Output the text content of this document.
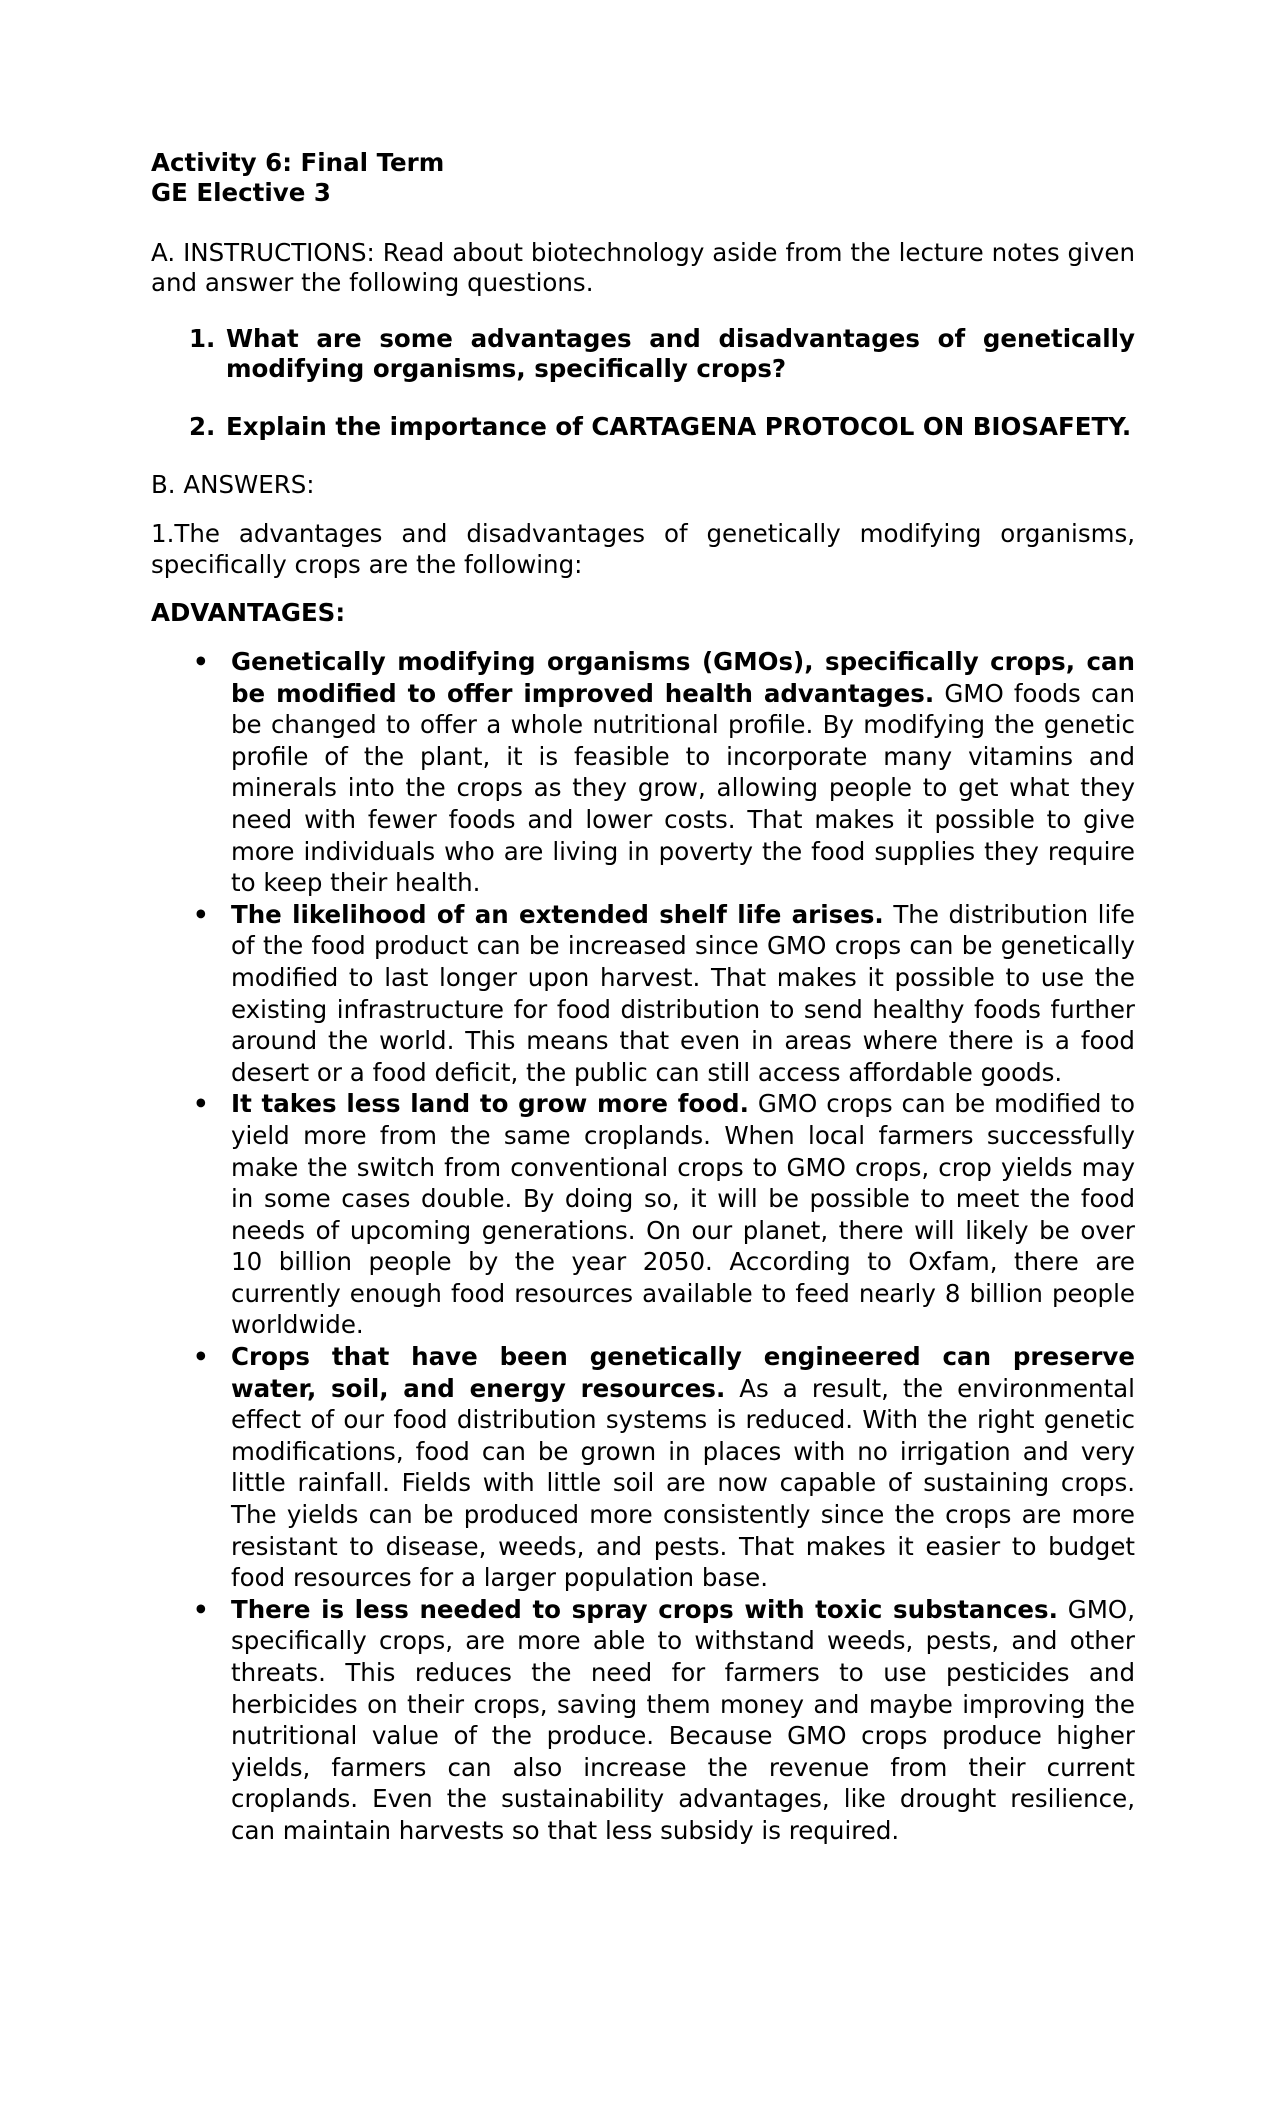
Activity 6: Final Term
GE Elective 3

A. INSTRUCTIONS: Read about biotechnology aside from the lecture notes given and answer the following questions.

1. What are some advantages and disadvantages of genetically modifying organisms, specifically crops?
2. Explain the importance of CARTAGENA PROTOCOL ON BIOSAFETY.

B. ANSWERS:

1.The advantages and disadvantages of genetically modifying organisms, specifically crops are the following:

ADVANTAGES:

• Genetically modifying organisms (GMOs), specifically crops, can be modified to offer improved health advantages. GMO foods can be changed to offer a whole nutritional profile. By modifying the genetic profile of the plant, it is feasible to incorporate many vitamins and minerals into the crops as they grow, allowing people to get what they need with fewer foods and lower costs. That makes it possible to give more individuals who are living in poverty the food supplies they require to keep their health.
• The likelihood of an extended shelf life arises. The distribution life of the food product can be increased since GMO crops can be genetically modified to last longer upon harvest. That makes it possible to use the existing infrastructure for food distribution to send healthy foods further around the world. This means that even in areas where there is a food desert or a food deficit, the public can still access affordable goods.
• It takes less land to grow more food. GMO crops can be modified to yield more from the same croplands. When local farmers successfully make the switch from conventional crops to GMO crops, crop yields may in some cases double. By doing so, it will be possible to meet the food needs of upcoming generations. On our planet, there will likely be over 10 billion people by the year 2050. According to Oxfam, there are currently enough food resources available to feed nearly 8 billion people worldwide.
• Crops that have been genetically engineered can preserve water, soil, and energy resources. As a result, the environmental effect of our food distribution systems is reduced. With the right genetic modifications, food can be grown in places with no irrigation and very little rainfall. Fields with little soil are now capable of sustaining crops. The yields can be produced more consistently since the crops are more resistant to disease, weeds, and pests. That makes it easier to budget food resources for a larger population base.
• There is less needed to spray crops with toxic substances. GMO, specifically crops, are more able to withstand weeds, pests, and other threats. This reduces the need for farmers to use pesticides and herbicides on their crops, saving them money and maybe improving the nutritional value of the produce. Because GMO crops produce higher yields, farmers can also increase the revenue from their current croplands. Even the sustainability advantages, like drought resilience, can maintain harvests so that less subsidy is required.
